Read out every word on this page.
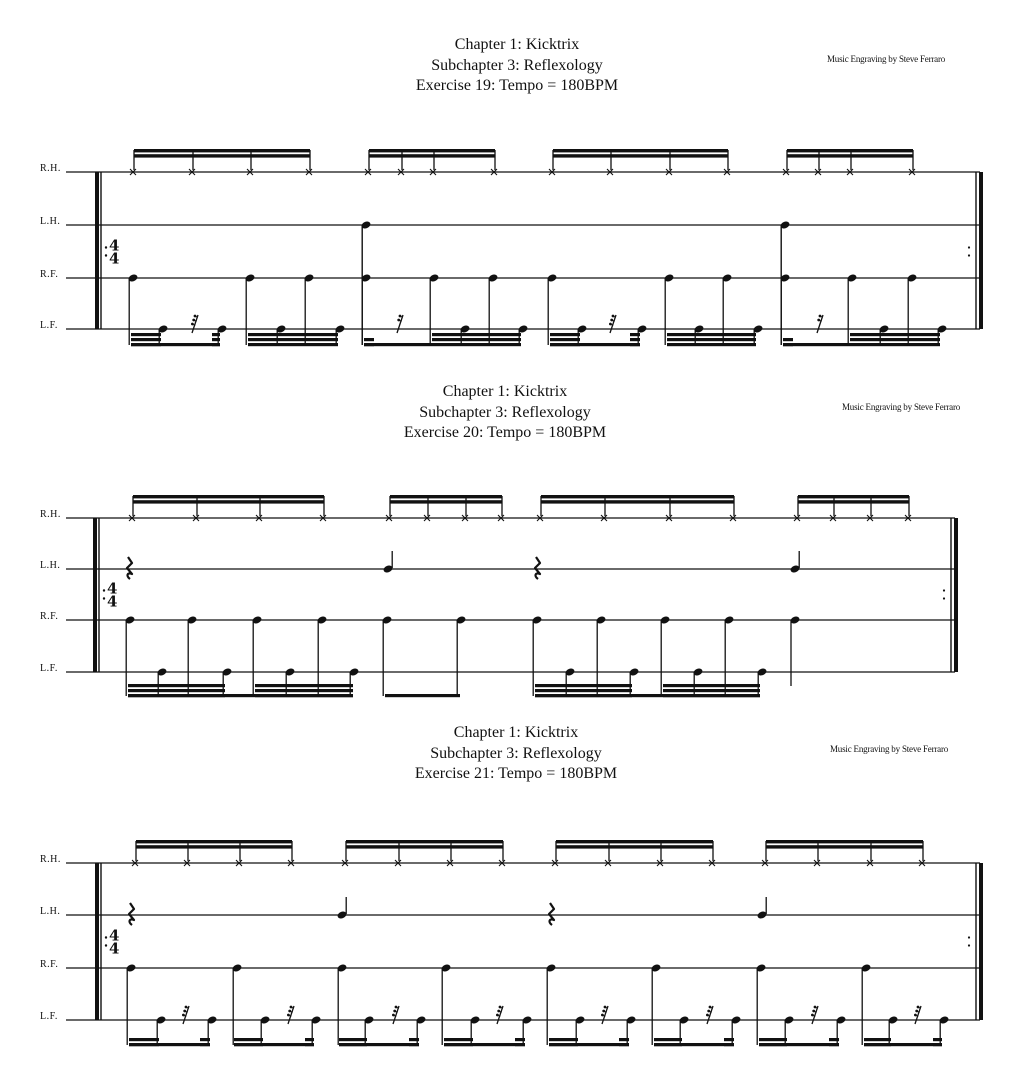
Chapter 1: Kicktrix
Subchapter 3: Reflexology
Exercise 19: Tempo = 180BPM
Music Engraving by Steve Ferraro
Chapter 1: Kicktrix
Subchapter 3: Reflexology
Exercise 20: Tempo = 180BPM
Music Engraving by Steve Ferraro
Chapter 1: Kicktrix
Subchapter 3: Reflexology
Exercise 21: Tempo = 180BPM
Music Engraving by Steve Ferraro
4
4
4
4
4
4
R.H.
L.H.
R.F.
L.F.
R.H.
L.H.
R.F.
L.F.
R.H.
L.H.
R.F.
L.F.
